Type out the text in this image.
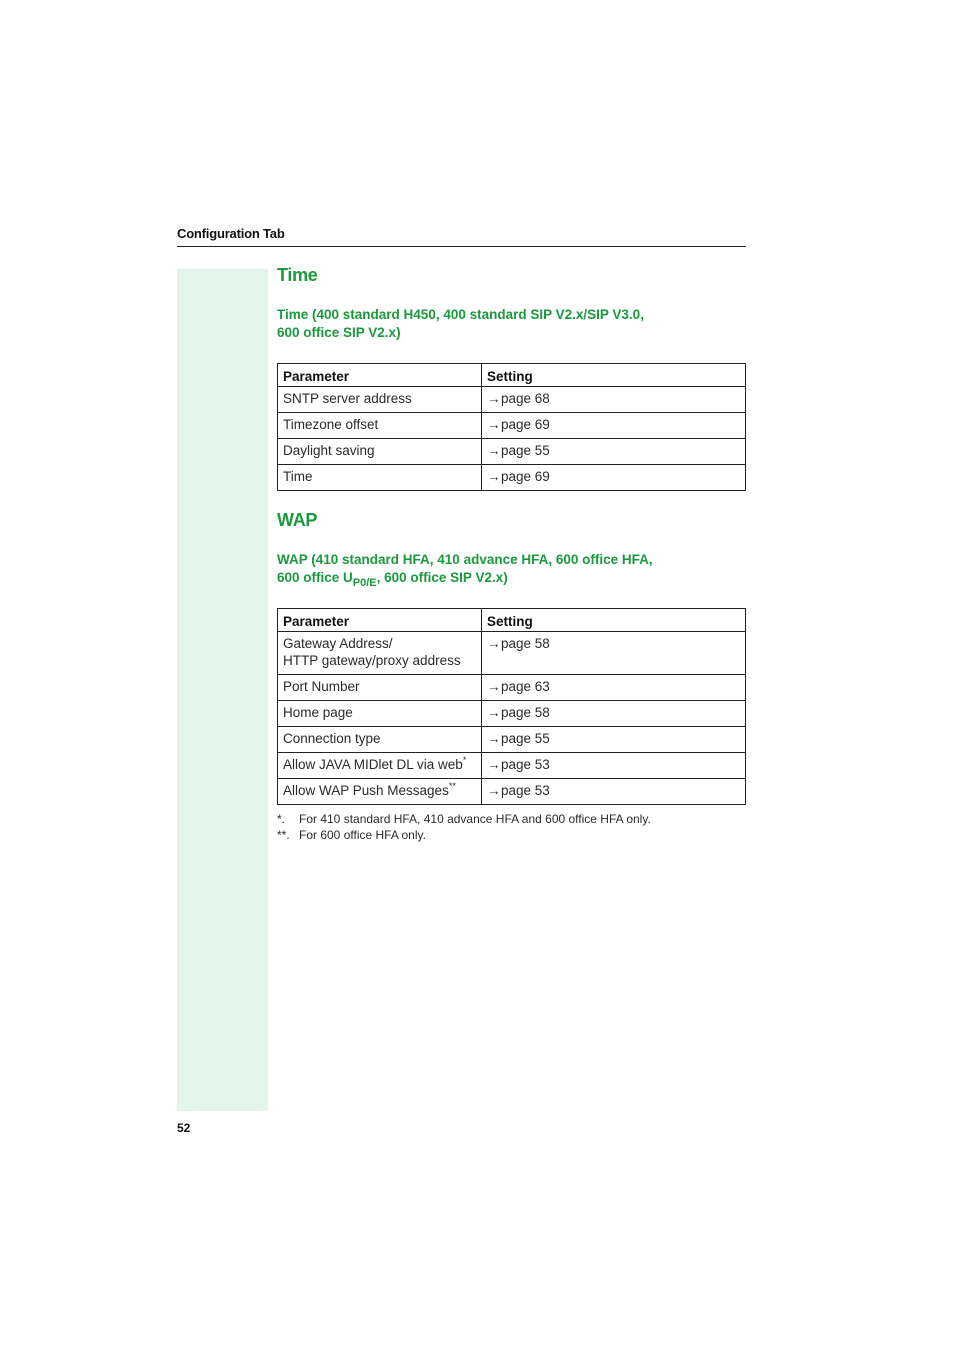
Configuration Tab
Time
Time (400 standard H450, 400 standard SIP V2.x/SIP V3.0,
600 office SIP V2.x)
Parameter	Setting
SNTP server address	→page 68
Timezone offset	→page 69
Daylight saving	→page 55
Time	→page 69
WAP
WAP (410 standard HFA, 410 advance HFA, 600 office HFA,
600 office $U_{P0/E}$, 600 office SIP V2.x)
Parameter	Setting

Gateway Address/
HTTP gateway/proxy address	→page 58
Port Number	→page 63
Home page	→page 58
Connection type	→page 55
Allow JAVA MIDlet DL via web*	→page 53
Allow WAP Push Messages**	→page 53
*. For 410 standard HFA, 410 advance HFA and 600 office HFA only.
**. For 600 office HFA only.
52
